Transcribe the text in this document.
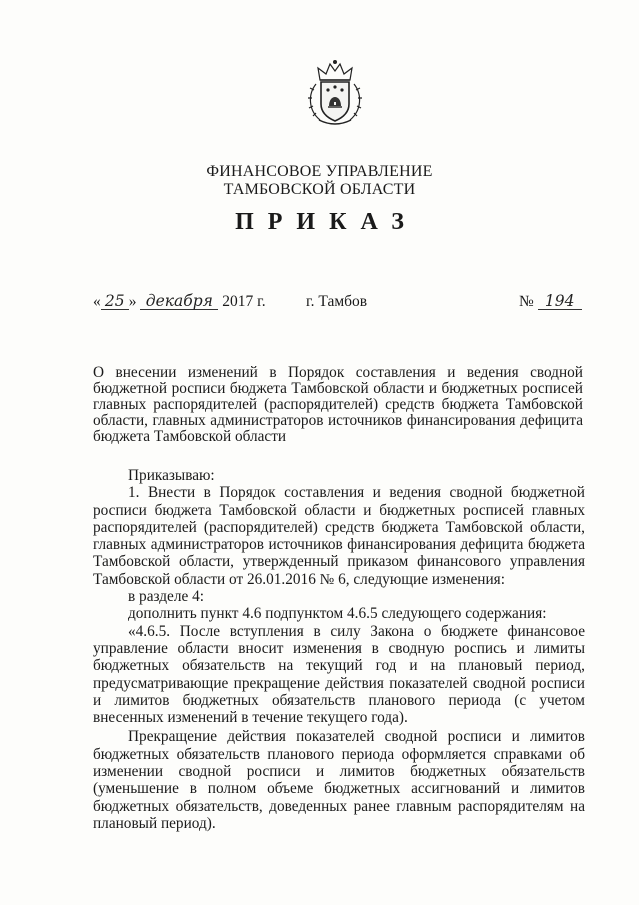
ФИНАНСОВОЕ УПРАВЛЕНИЕ
ТАМБОВСКОЙ ОБЛАСТИ
ПРИКАЗ
« 25 » декабря 2017 г.	г. Тамбов	№ 194
О внесении изменений в Порядок составления и ведения сводной бюджетной росписи бюджета Тамбовской области и бюджетных росписей главных распорядителей (распорядителей) средств бюджета Тамбовской области, главных администраторов источников финансирования дефицита бюджета Тамбовской области

Приказываю:

1. Внести в Порядок составления и ведения сводной бюджетной росписи бюджета Тамбовской области и бюджетных росписей главных распорядителей (распорядителей) средств бюджета Тамбовской области, главных администраторов источников финансирования дефицита бюджета Тамбовской области, утвержденный приказом финансового управления Тамбовской области от 26.01.2016 № 6, следующие изменения:

в разделе 4:

дополнить пункт 4.6 подпунктом 4.6.5 следующего содержания:

«4.6.5. После вступления в силу Закона о бюджете финансовое управление области вносит изменения в сводную роспись и лимиты бюджетных обязательств на текущий год и на плановый период, предусматривающие прекращение действия показателей сводной росписи и лимитов бюджетных обязательств планового периода (с учетом внесенных изменений в течение текущего года).

Прекращение действия показателей сводной росписи и лимитов бюджетных обязательств планового периода оформляется справками об изменении сводной росписи и лимитов бюджетных обязательств (уменьшение в полном объеме бюджетных ассигнований и лимитов бюджетных обязательств, доведенных ранее главным распорядителям на плановый период).
